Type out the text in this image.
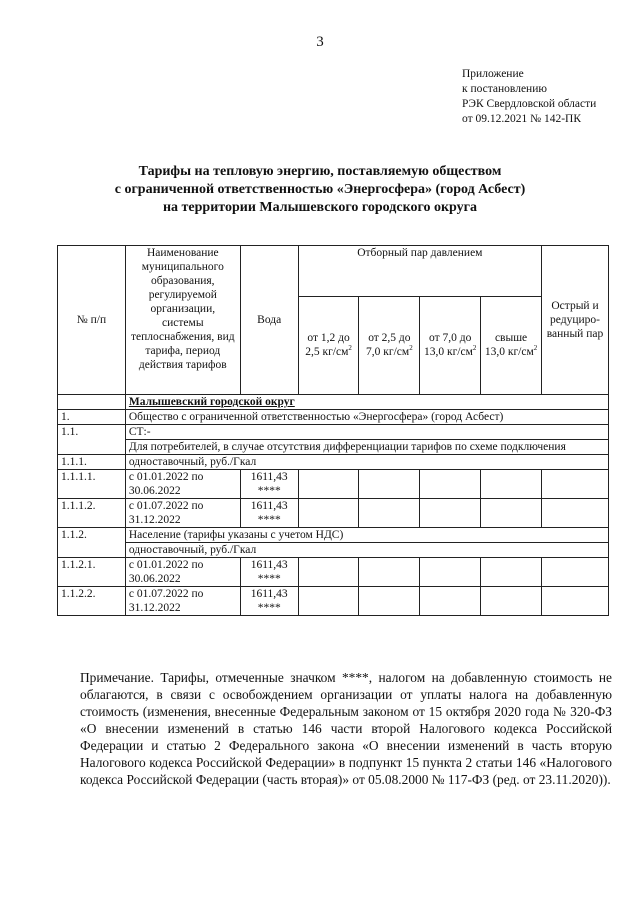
3
Приложение
к постановлению
РЭК Свердловской области
от 09.12.2021 № 142-ПК
Тарифы на тепловую энергию, поставляемую обществом
с ограниченной ответственностью «Энергосфера» (город Асбест)
на территории Малышевского городского округа
№ п/п	Наименование муниципального образования, регулируемой организации, системы теплоснабжения, вид тарифа, период действия тарифов	Вода	Отборный пар давлением				Острый и редуциро-ванный пар
			от 1,2 до 2,5 $кг/см^2$	от 2,5 до 7,0 $кг/см^2$	от 7,0 до 13,0 $кг/см^2$	свыше 13,0 $кг/см^2$
	Малышевский городской округ						
1.	Общество с ограниченной ответственностью «Энергосфера» (город Асбест)						
1.1.	СТ:-						
	Для потребителей, в случае отсутствия дифференциации тарифов по схеме подключения						
1.1.1.	одноставочный, руб./Гкал						
1.1.1.1.	с 01.01.2022 по 30.06.2022	1611,43
****					

1.1.1.2.	с 01.07.2022 по 31.12.2022	1611,43
****					

1.1.2.	Население (тарифы указаны с учетом НДС)						
	одноставочный, руб./Гкал						
1.1.2.1.	с 01.01.2022 по 30.06.2022	1611,43
****					

1.1.2.2.	с 01.07.2022 по 31.12.2022	1611,43
****					

Примечание. Тарифы, отмеченные значком ****, налогом на добавленную стоимость не облагаются, в связи с освобождением организации от уплаты налога на добавленную стоимость (изменения, внесенные Федеральным законом от 15 октября 2020 года № 320-ФЗ «О внесении изменений в статью 146 части второй Налогового кодекса Российской Федерации и статью 2 Федерального закона «О внесении изменений в часть вторую Налогового кодекса Российской Федерации» в подпункт 15 пункта 2 статьи 146 «Налогового кодекса Российской Федерации (часть вторая)» от 05.08.2000 № 117-ФЗ (ред. от 23.11.2020)).
